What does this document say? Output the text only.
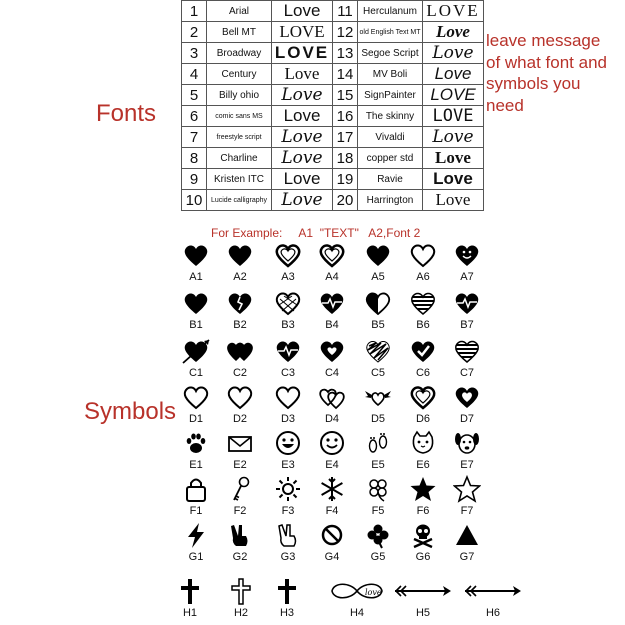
Fonts
Symbols
leave message of what font and symbols you need
For Example:     A1  "TEXT"   A2,Font 2
1	Arial	Love	11	Herculanum	LOVE
2	Bell MT	LOVE	12	old English Text MT	Love
3	Broadway	LOVE	13	Segoe Script	Love
4	Century	Love	14	MV Boli	Love
5	Billy ohio	Love	15	SignPainter	LOVE
6	comic sans MS	Love	16	The skinny	LOVE
7	freestyle script	Love	17	Vivaldi	Love
8	Charline	Love	18	copper std	Love
9	Kristen ITC	Love	19	Ravie	Love
10	Lucide calligraphy	Love	20	Harrington	Love
A1	A2	A3	A4	A5	A6	A7
B1	B2	B3	B4	B5	B6	B7
C1	C2	C3	C4	C5	C6	C7
D1	D2	D3	D4	D5	D6	D7
E1	E2	E3	E4	E5	E6	E7
F1	F2	F3	F4	F5	F6	F7
G1	G2	G3	G4	G5	G6	G7
H1	H2	H3
love
H4	H5	H6
